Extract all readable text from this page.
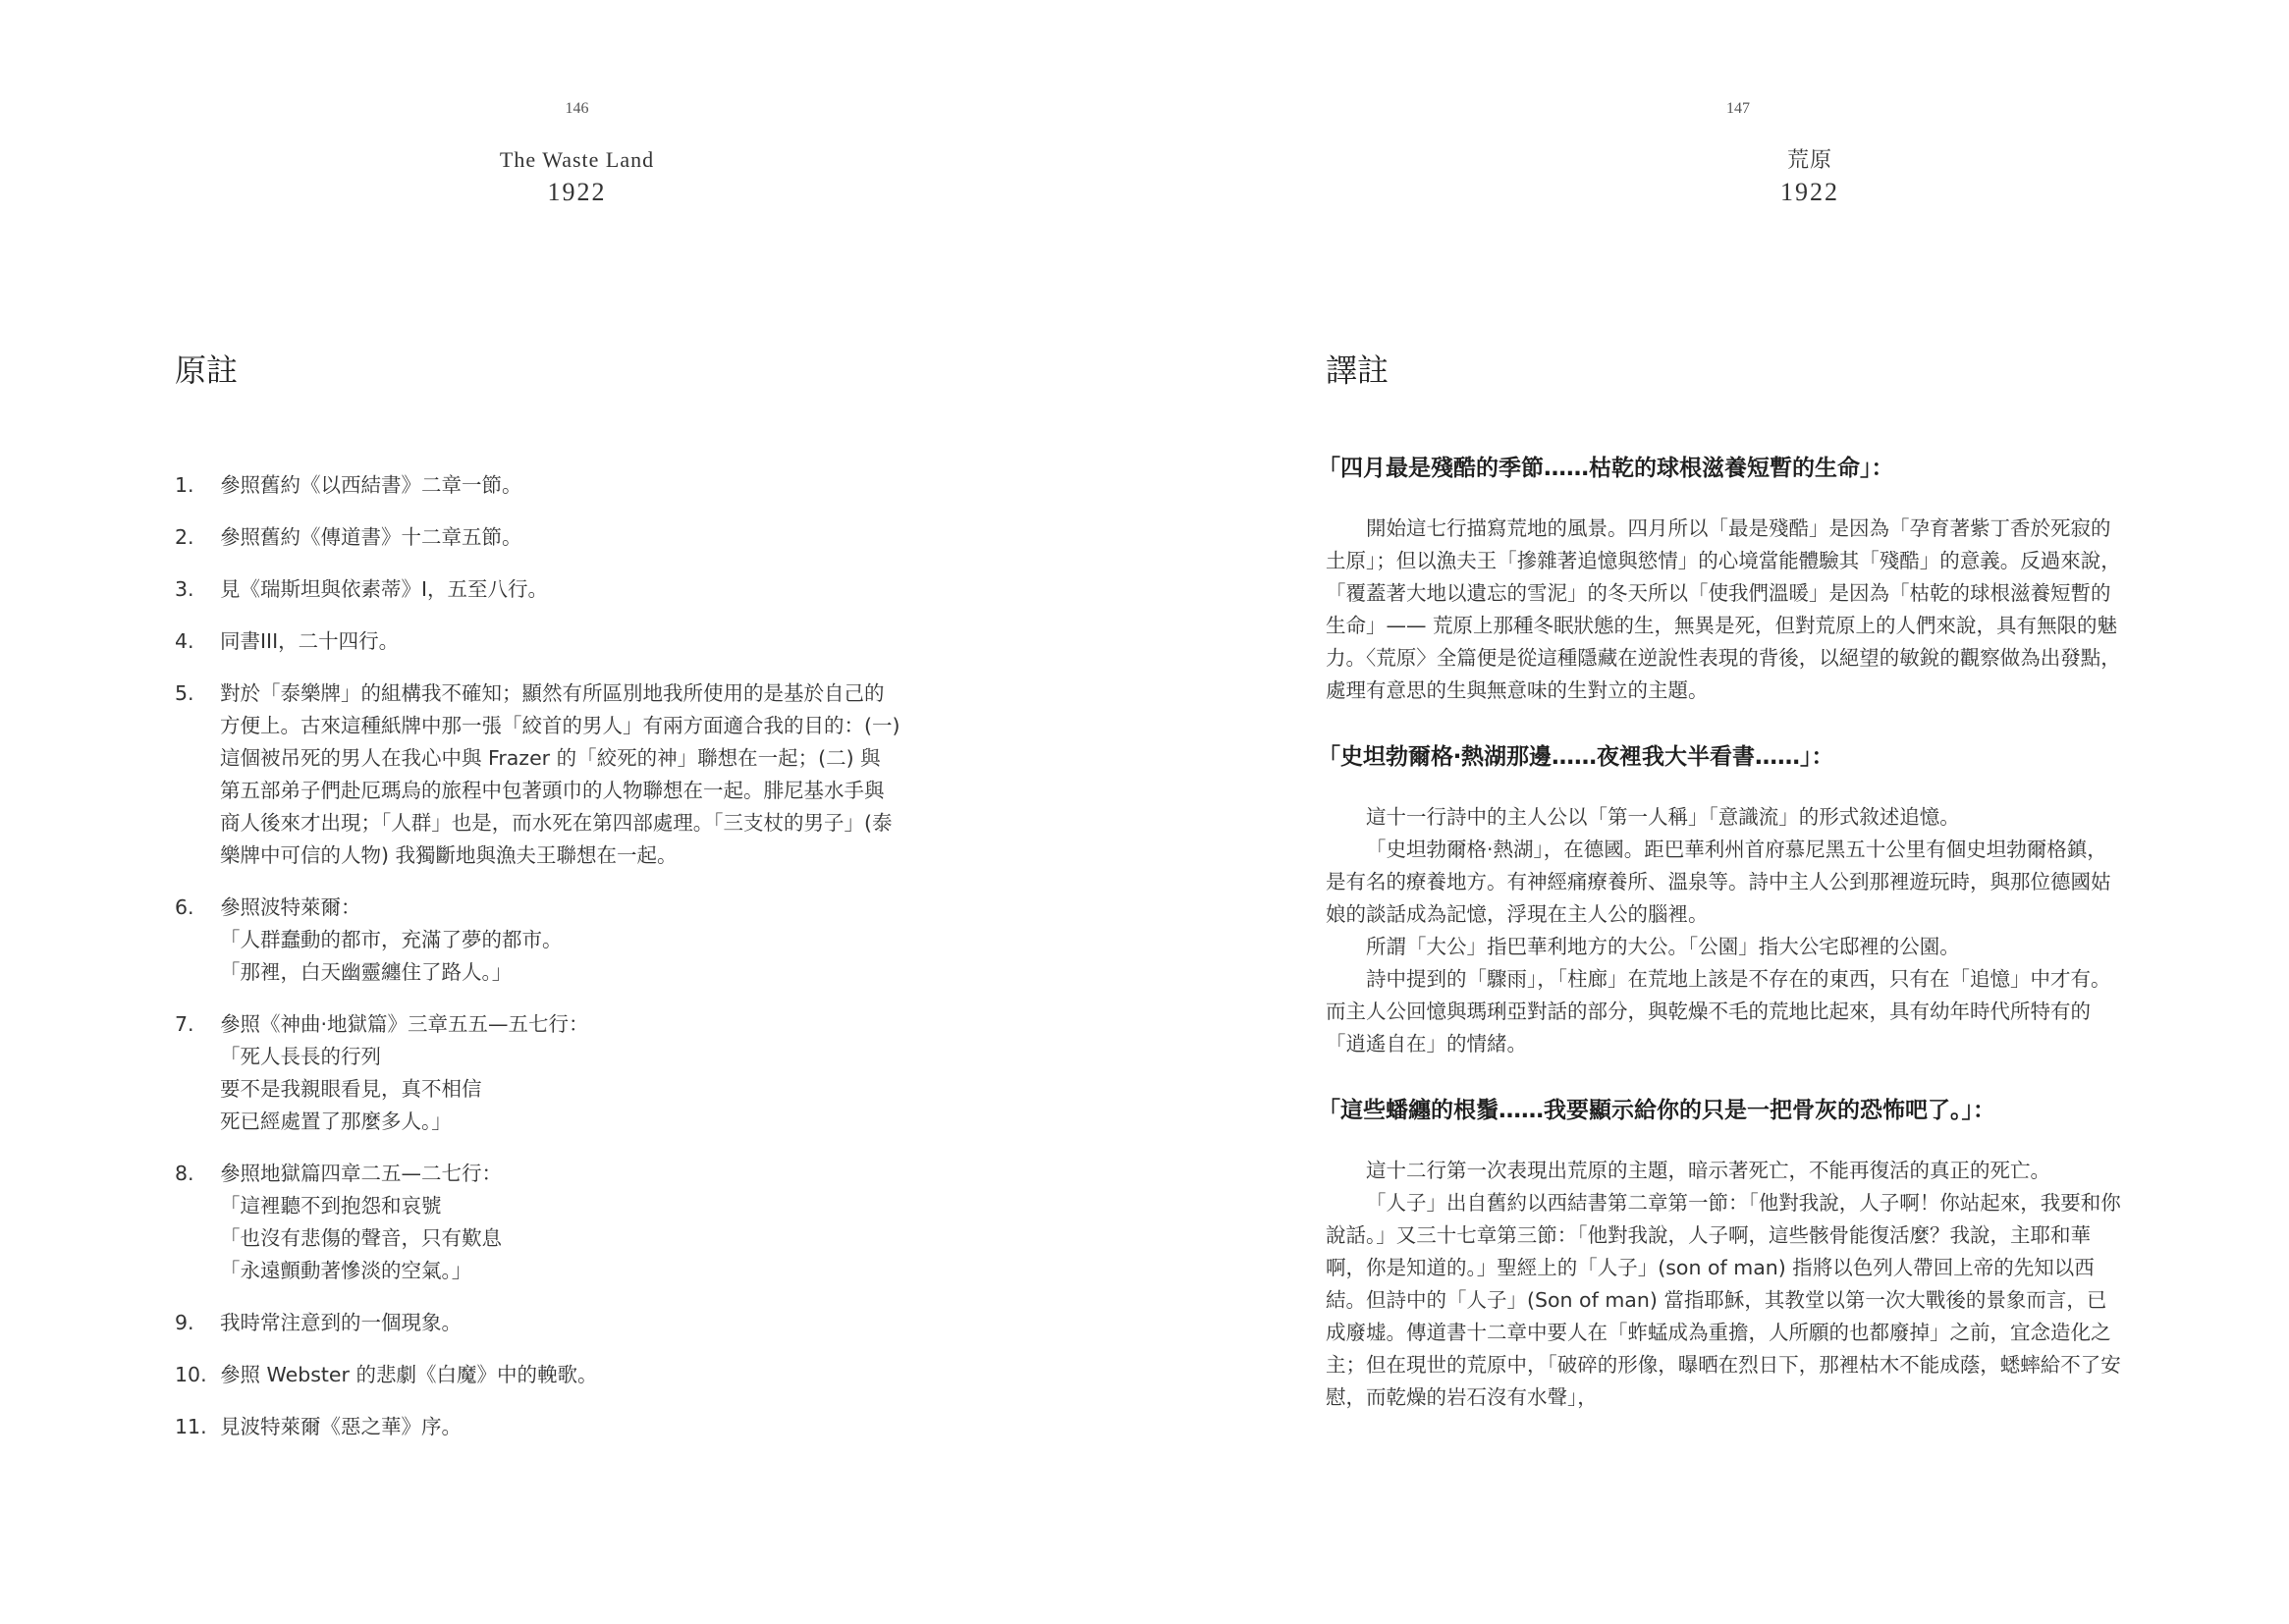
146
The Waste Land
1922
原註
1. 參照舊約《以西結書》二章一節。
2. 參照舊約《傳道書》十二章五節。
3. 見《瑞斯坦與依素蒂》I，五至八行。
4. 同書III，二十四行。
5. 對於「泰樂牌」的組構我不確知；顯然有所區別地我所使用的是基於自己的
方便上。古來這種紙牌中那一張「絞首的男人」有兩方面適合我的目的：(一)
這個被吊死的男人在我心中與 Frazer 的「絞死的神」聯想在一起；(二) 與
第五部弟子們赴厄瑪烏的旅程中包著頭巾的人物聯想在一起。腓尼基水手與
商人後來才出現；「人群」也是，而水死在第四部處理。「三支杖的男子」(泰
樂牌中可信的人物) 我獨斷地與漁夫王聯想在一起。
6. 參照波特萊爾：
「人群蠢動的都市，充滿了夢的都市。
「那裡，白天幽靈纏住了路人。」
7. 參照《神曲‧地獄篇》三章五五—五七行：
「死人長長的行列
要不是我親眼看見，真不相信
死已經處置了那麼多人。」
8. 參照地獄篇四章二五—二七行：
「這裡聽不到抱怨和哀號
「也沒有悲傷的聲音，只有歎息
「永遠顫動著慘淡的空氣。」
9. 我時常注意到的一個現象。
10. 參照 Webster 的悲劇《白魔》中的輓歌。
11. 見波特萊爾《惡之華》序。
147
荒原
1922
譯註
「四月最是殘酷的季節……枯乾的球根滋養短暫的生命」：

開始這七行描寫荒地的風景。四月所以「最是殘酷」是因為「孕育著紫丁香於死寂的土原」；但以漁夫王「摻雜著追憶與慾情」的心境當能體驗其「殘酷」的意義。反過來說，「覆蓋著大地以遺忘的雪泥」的冬天所以「使我們溫暖」是因為「枯乾的球根滋養短暫的生命」—— 荒原上那種冬眠狀態的生，無異是死，但對荒原上的人們來說，具有無限的魅力。〈荒原〉全篇便是從這種隱藏在逆說性表現的背後，以絕望的敏銳的觀察做為出發點，處理有意思的生與無意味的生對立的主題。

「史坦勃爾格‧熱湖那邊……夜裡我大半看書……」：

這十一行詩中的主人公以「第一人稱」「意識流」的形式敘述追憶。

「史坦勃爾格‧熱湖」，在德國。距巴華利州首府慕尼黑五十公里有個史坦勃爾格鎮，是有名的療養地方。有神經痛療養所、溫泉等。詩中主人公到那裡遊玩時，與那位德國姑娘的談話成為記憶，浮現在主人公的腦裡。

所謂「大公」指巴華利地方的大公。「公園」指大公宅邸裡的公園。

詩中提到的「驟雨」，「柱廊」在荒地上該是不存在的東西，只有在「追憶」中才有。而主人公回憶與瑪琍亞對話的部分，與乾燥不毛的荒地比起來，具有幼年時代所特有的「逍遙自在」的情緒。

「這些蟠纏的根鬚……我要顯示給你的只是一把骨灰的恐怖吧了。」：

這十二行第一次表現出荒原的主題，暗示著死亡，不能再復活的真正的死亡。

「人子」出自舊約以西結書第二章第一節：「他對我說，人子啊！你站起來，我要和你說話。」又三十七章第三節：「他對我說，人子啊，這些骸骨能復活麼？我說，主耶和華啊，你是知道的。」聖經上的「人子」(son of man) 指將以色列人帶回上帝的先知以西結。但詩中的「人子」(Son of man) 當指耶穌，其教堂以第一次大戰後的景象而言，已成廢墟。傳道書十二章中要人在「蚱蜢成為重擔，人所願的也都廢掉」之前，宜念造化之主；但在現世的荒原中，「破碎的形像，曝晒在烈日下，那裡枯木不能成蔭，蟋蟀給不了安慰，而乾燥的岩石沒有水聲」，
